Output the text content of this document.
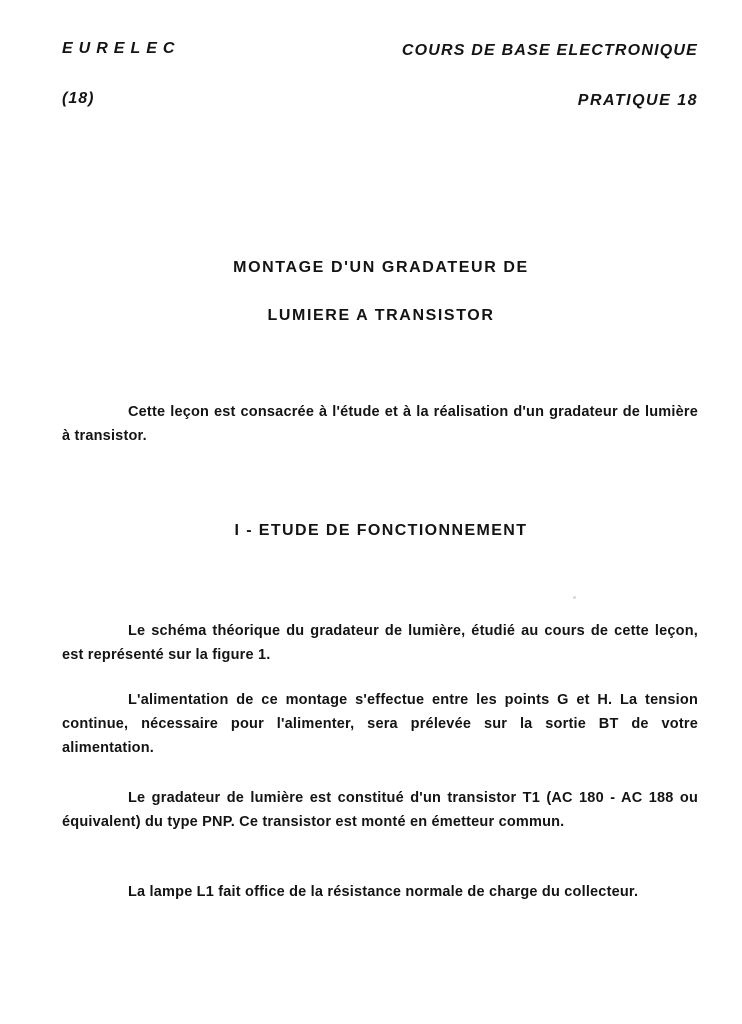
EURELEC	COURS DE BASE ELECTRONIQUE
(18)	PRATIQUE 18
MONTAGE D'UN GRADATEUR DE
LUMIERE A TRANSISTOR

Cette leçon est consacrée à l'étude et à la réalisation d'un gradateur de lumière à transistor.

I - ETUDE DE FONCTIONNEMENT

Le schéma théorique du gradateur de lumière, étudié au cours de cette leçon, est représenté sur la figure 1.

L'alimentation de ce montage s'effectue entre les points G et H. La tension continue, nécessaire pour l'alimenter, sera prélevée sur la sortie BT de votre alimentation.

Le gradateur de lumière est constitué d'un transistor T1 (AC 180 - AC 188 ou équivalent) du type PNP. Ce transistor est monté en émetteur commun.

La lampe L1 fait office de la résistance normale de charge du collecteur.
